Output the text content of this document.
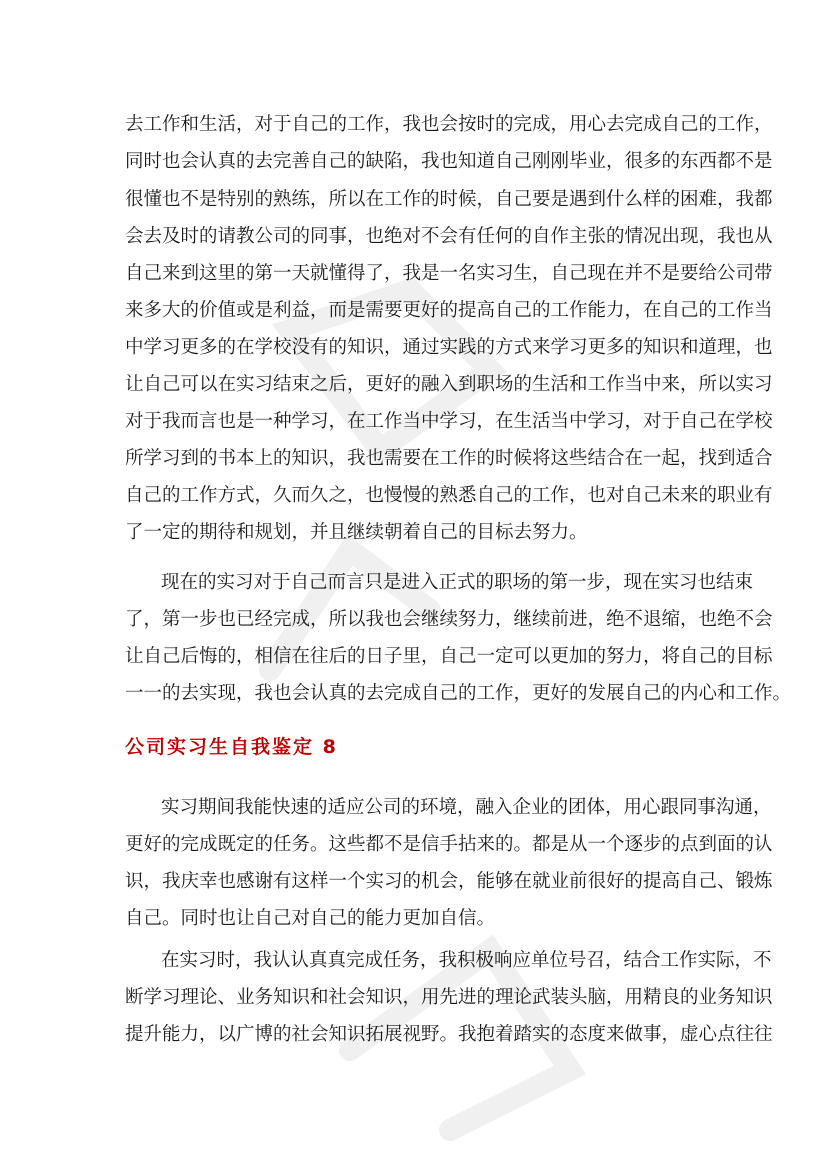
去工作和生活，对于自己的工作，我也会按时的完成，用心去完成自己的工作，
同时也会认真的去完善自己的缺陷，我也知道自己刚刚毕业，很多的东西都不是
很懂也不是特别的熟练，所以在工作的时候，自己要是遇到什么样的困难，我都
会去及时的请教公司的同事，也绝对不会有任何的自作主张的情况出现，我也从
自己来到这里的第一天就懂得了，我是一名实习生，自己现在并不是要给公司带
来多大的价值或是利益，而是需要更好的提高自己的工作能力，在自己的工作当
中学习更多的在学校没有的知识，通过实践的方式来学习更多的知识和道理，也
让自己可以在实习结束之后，更好的融入到职场的生活和工作当中来，所以实习
对于我而言也是一种学习，在工作当中学习，在生活当中学习，对于自己在学校
所学习到的书本上的知识，我也需要在工作的时候将这些结合在一起，找到适合
自己的工作方式，久而久之，也慢慢的熟悉自己的工作，也对自己未来的职业有
了一定的期待和规划，并且继续朝着自己的目标去努力。
现在的实习对于自己而言只是进入正式的职场的第一步，现在实习也结束
了，第一步也已经完成，所以我也会继续努力，继续前进，绝不退缩，也绝不会
让自己后悔的，相信在往后的日子里，自己一定可以更加的努力，将自己的目标
一一的去实现，我也会认真的去完成自己的工作，更好的发展自己的内心和工作。
公司实习生自我鉴定 8
实习期间我能快速的适应公司的环境，融入企业的团体，用心跟同事沟通，
更好的完成既定的任务。这些都不是信手拈来的。都是从一个逐步的点到面的认
识，我庆幸也感谢有这样一个实习的机会，能够在就业前很好的提高自己、锻炼
自己。同时也让自己对自己的能力更加自信。
在实习时，我认认真真完成任务，我积极响应单位号召，结合工作实际，不
断学习理论、业务知识和社会知识，用先进的理论武装头脑，用精良的业务知识
提升能力，以广博的社会知识拓展视野。我抱着踏实的态度来做事，虚心点往往
